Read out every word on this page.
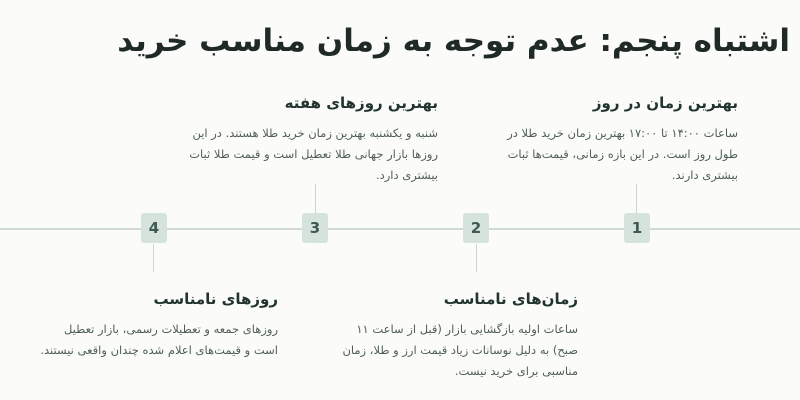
اشتباه پنجم: عدم توجه به زمان مناسب خرید
1
2
3
4
بهترین زمان در روز

ساعات ۱۴:۰۰ تا ۱۷:۰۰ بهترین زمان خرید طلا در طول روز است. در این بازه زمانی، قیمت‌ها ثبات بیشتری دارند.

زمان‌های نامناسب

ساعات اولیه بازگشایی بازار (قبل از ساعت ۱۱ صبح) به دلیل نوسانات زیاد قیمت ارز و طلا، زمان مناسبی برای خرید نیست.

بهترین روزهای هفته

شنبه و یکشنبه بهترین زمان خرید طلا هستند. در این روزها بازار جهانی طلا تعطیل است و قیمت طلا ثبات بیشتری دارد.

روزهای نامناسب

روزهای جمعه و تعطیلات رسمی، بازار تعطیل است و قیمت‌های اعلام شده چندان واقعی نیستند.
